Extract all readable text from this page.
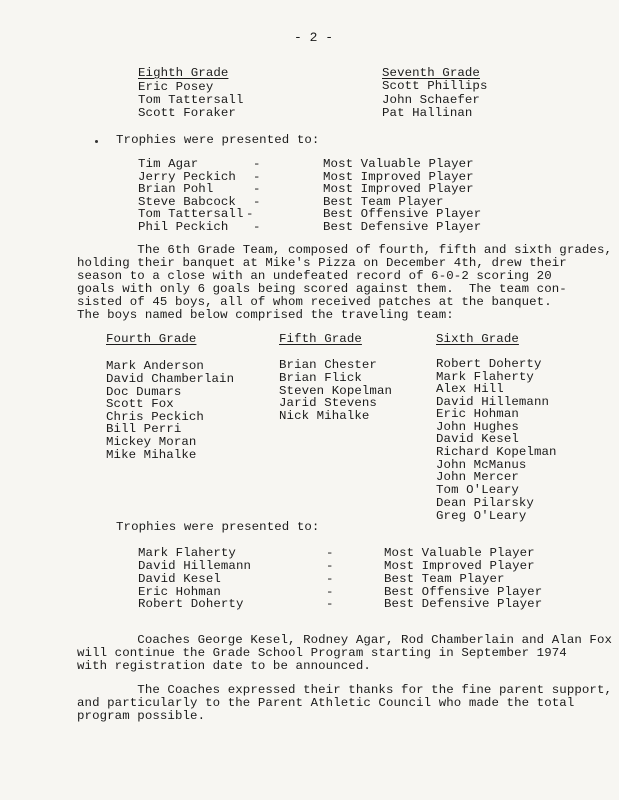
- 2 -
Eighth Grade
Eric Posey
Tom Tattersall
Scott Foraker
Seventh Grade
Scott Phillips
John Schaefer
Pat Hallinan
Trophies were presented to:
Tim Agar
Jerry Peckich
Brian Pohl
Steve Babcock
Tom Tattersall
Phil Peckich
-
-
-
-
-
-
Most Valuable Player
Most Improved Player
Most Improved Player
Best Team Player
Best Offensive Player
Best Defensive Player
The 6th Grade Team, composed of fourth, fifth and sixth grades,
holding their banquet at Mike's Pizza on December 4th, drew their
season to a close with an undefeated record of 6-0-2 scoring 20
goals with only 6 goals being scored against them.  The team con-
sisted of 45 boys, all of whom received patches at the banquet.
The boys named below comprised the traveling team:
Fourth Grade
Mark Anderson
David Chamberlain
Doc Dumars
Scott Fox
Chris Peckich
Bill Perri
Mickey Moran
Mike Mihalke
Fifth Grade
Brian Chester
Brian Flick
Steven Kopelman
Jarid Stevens
Nick Mihalke
Sixth Grade
Robert Doherty
Mark Flaherty
Alex Hill
David Hillemann
Eric Hohman
John Hughes
David Kesel
Richard Kopelman
John McManus
John Mercer
Tom O'Leary
Dean Pilarsky
Greg O'Leary
Trophies were presented to:
Mark Flaherty
David Hillemann
David Kesel
Eric Hohman
Robert Doherty
-
-
-
-
-
Most Valuable Player
Most Improved Player
Best Team Player
Best Offensive Player
Best Defensive Player
Coaches George Kesel, Rodney Agar, Rod Chamberlain and Alan Fox
will continue the Grade School Program starting in September 1974
with registration date to be announced.
The Coaches expressed their thanks for the fine parent support,
and particularly to the Parent Athletic Council who made the total
program possible.
